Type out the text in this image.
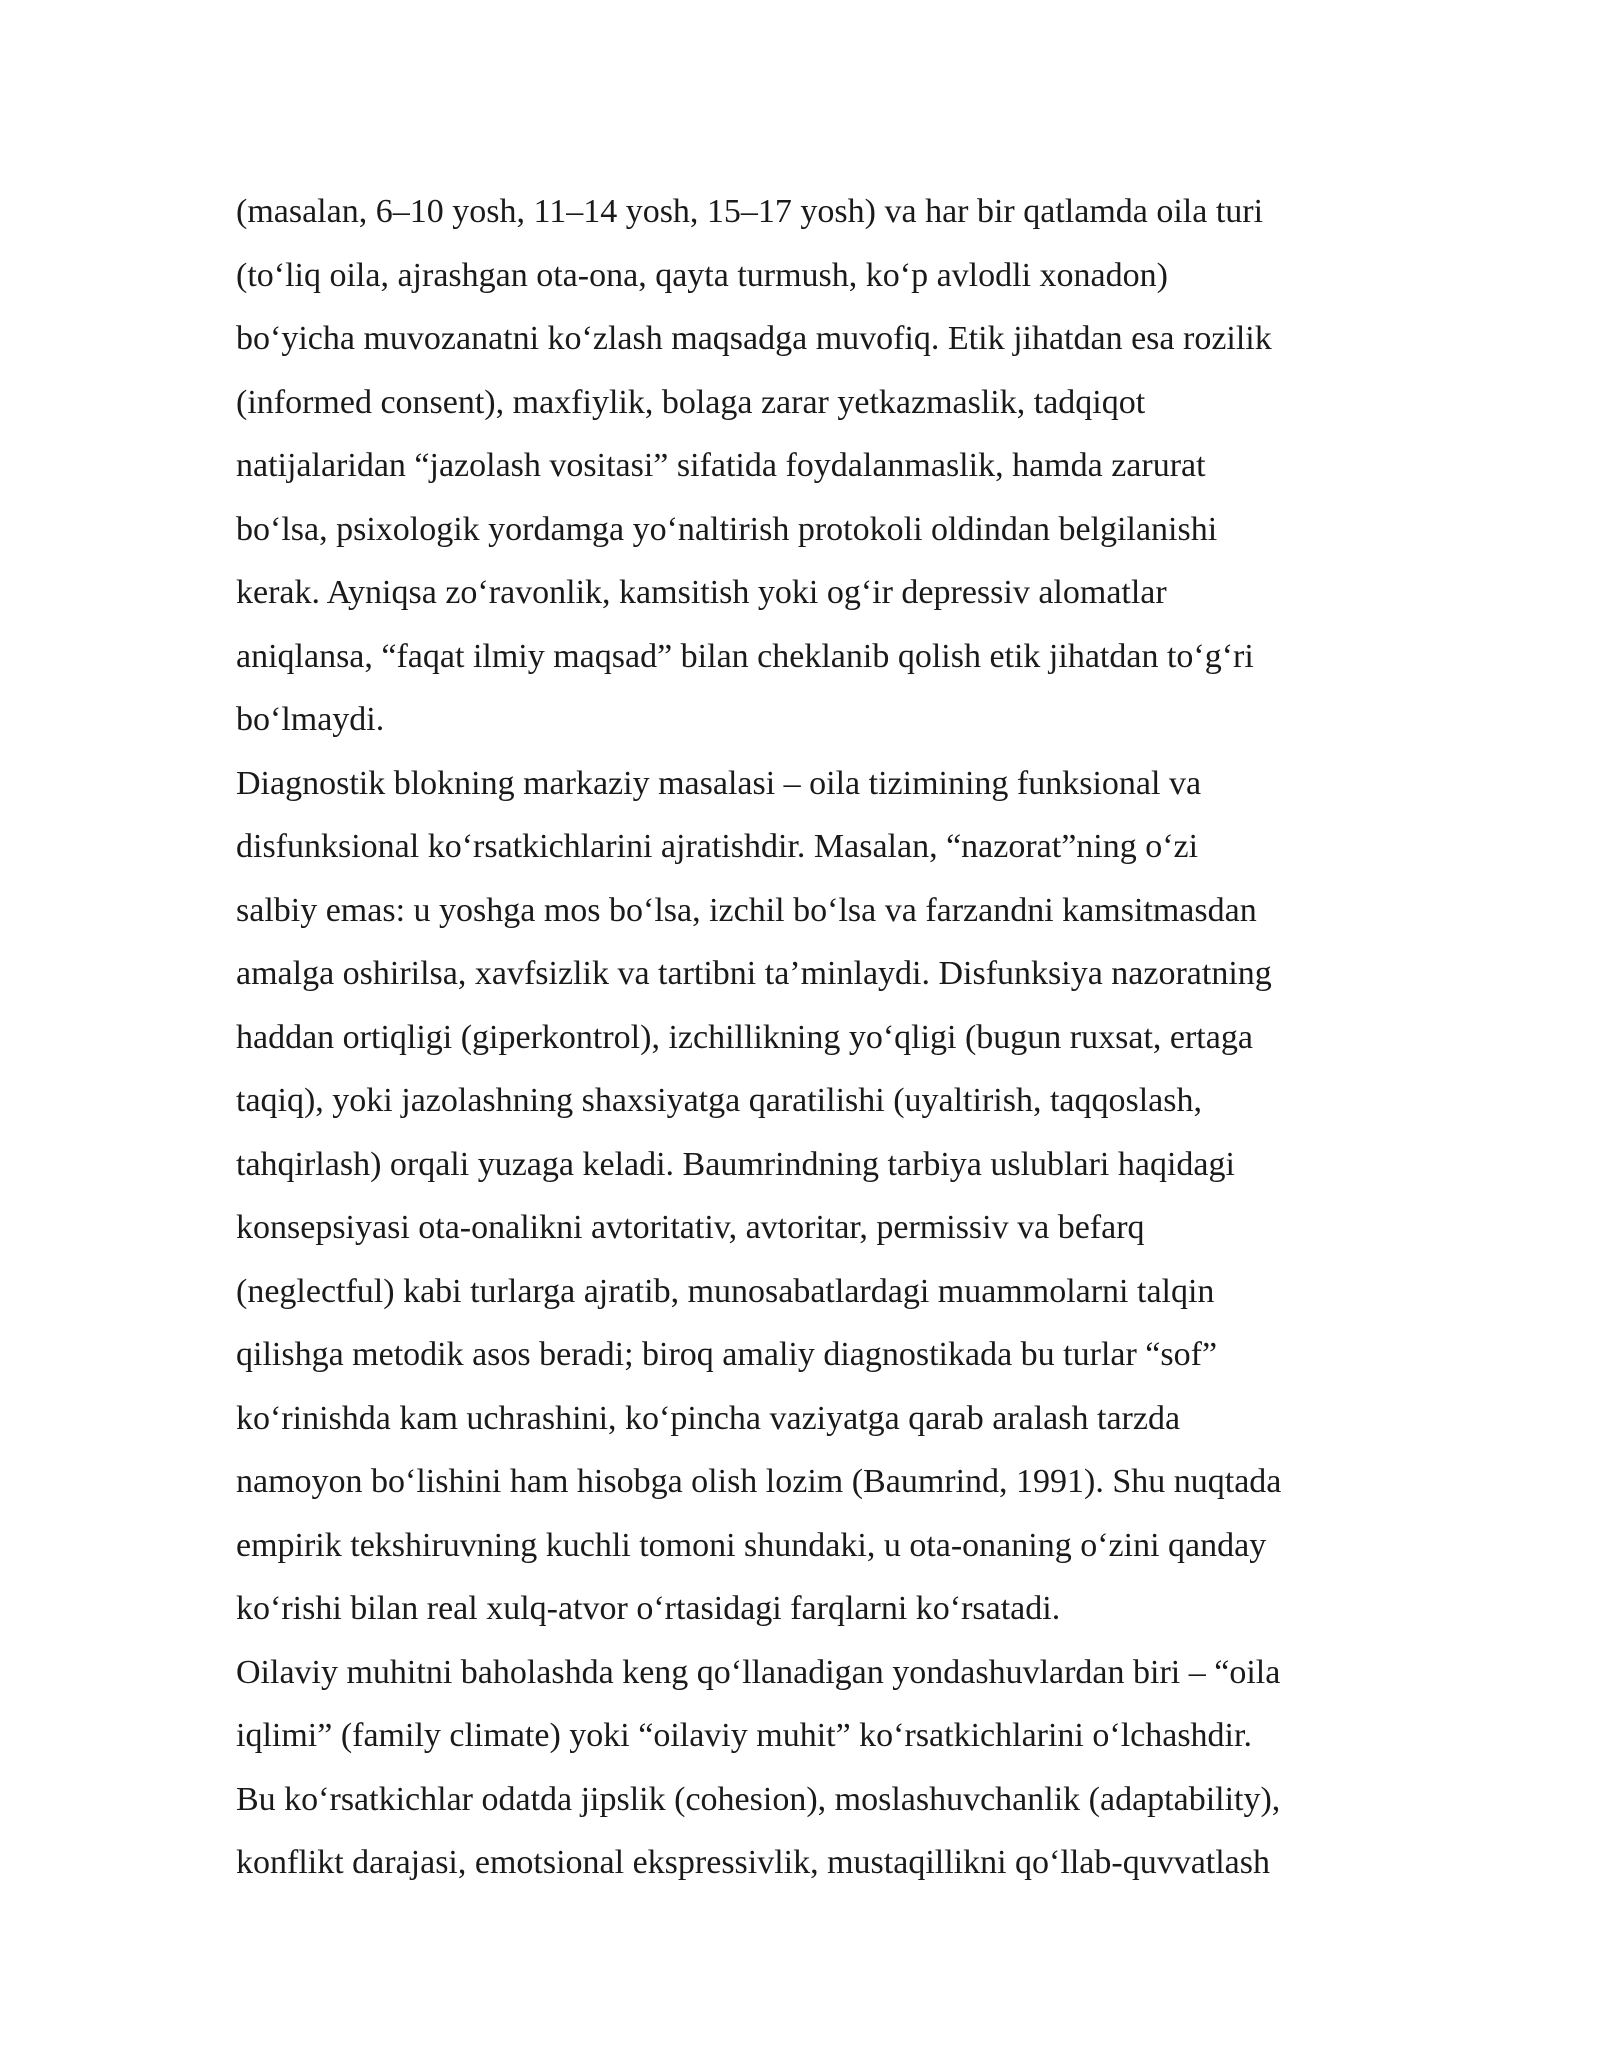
(masalan, 6–10 yosh, 11–14 yosh, 15–17 yosh) va har bir qatlamda oila turi
(to‘liq oila, ajrashgan ota-ona, qayta turmush, ko‘p avlodli xonadon)
bo‘yicha muvozanatni ko‘zlash maqsadga muvofiq. Etik jihatdan esa rozilik
(informed consent), maxfiylik, bolaga zarar yetkazmaslik, tadqiqot
natijalaridan “jazolash vositasi” sifatida foydalanmaslik, hamda zarurat
bo‘lsa, psixologik yordamga yo‘naltirish protokoli oldindan belgilanishi
kerak. Ayniqsa zo‘ravonlik, kamsitish yoki og‘ir depressiv alomatlar
aniqlansa, “faqat ilmiy maqsad” bilan cheklanib qolish etik jihatdan to‘g‘ri
bo‘lmaydi.
Diagnostik blokning markaziy masalasi – oila tizimining funksional va
disfunksional ko‘rsatkichlarini ajratishdir. Masalan, “nazorat”ning o‘zi
salbiy emas: u yoshga mos bo‘lsa, izchil bo‘lsa va farzandni kamsitmasdan
amalga oshirilsa, xavfsizlik va tartibni ta’minlaydi. Disfunksiya nazoratning
haddan ortiqligi (giperkontrol), izchillikning yo‘qligi (bugun ruxsat, ertaga
taqiq), yoki jazolashning shaxsiyatga qaratilishi (uyaltirish, taqqoslash,
tahqirlash) orqali yuzaga keladi. Baumrindning tarbiya uslublari haqidagi
konsepsiyasi ota-onalikni avtoritativ, avtoritar, permissiv va befarq
(neglectful) kabi turlarga ajratib, munosabatlardagi muammolarni talqin
qilishga metodik asos beradi; biroq amaliy diagnostikada bu turlar “sof”
ko‘rinishda kam uchrashini, ko‘pincha vaziyatga qarab aralash tarzda
namoyon bo‘lishini ham hisobga olish lozim (Baumrind, 1991). Shu nuqtada
empirik tekshiruvning kuchli tomoni shundaki, u ota-onaning o‘zini qanday
ko‘rishi bilan real xulq-atvor o‘rtasidagi farqlarni ko‘rsatadi.
Oilaviy muhitni baholashda keng qo‘llanadigan yondashuvlardan biri – “oila
iqlimi” (family climate) yoki “oilaviy muhit” ko‘rsatkichlarini o‘lchashdir.
Bu ko‘rsatkichlar odatda jipslik (cohesion), moslashuvchanlik (adaptability),
konflikt darajasi, emotsional ekspressivlik, mustaqillikni qo‘llab-quvvatlash
